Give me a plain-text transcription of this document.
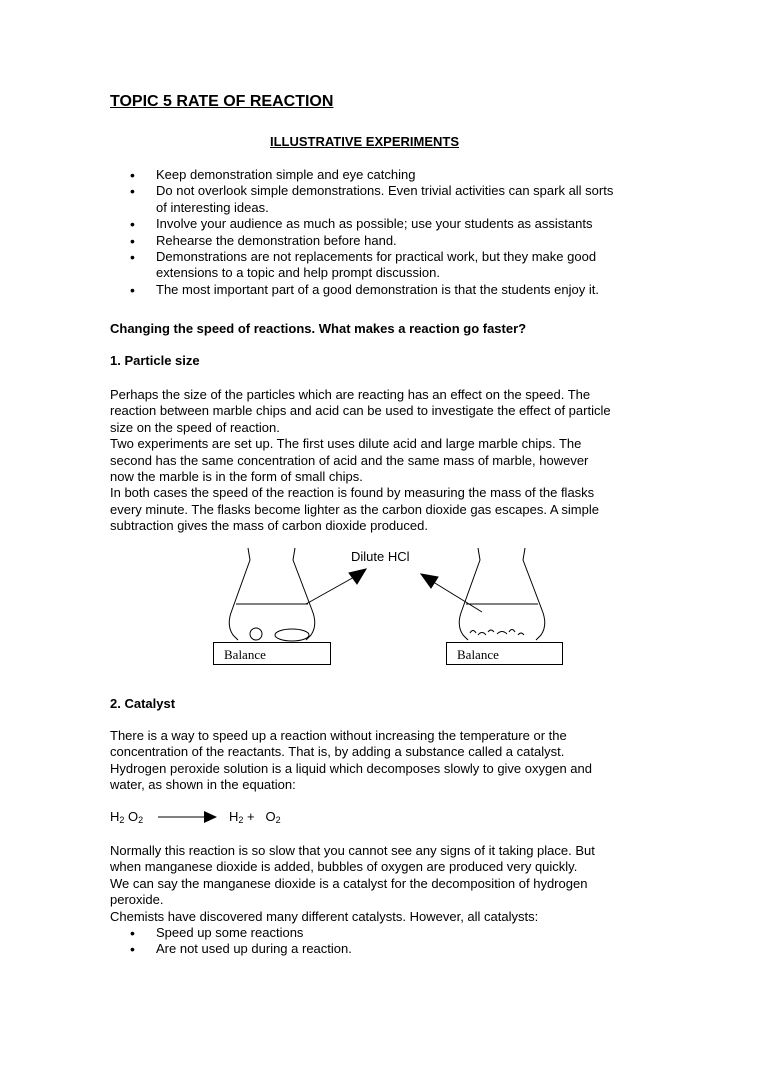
TOPIC 5 RATE OF REACTION
ILLUSTRATIVE EXPERIMENTS
• Keep demonstration simple and eye catching
• Do not overlook simple demonstrations. Even trivial activities can spark all sorts
of interesting ideas.
• Involve your audience as much as possible; use your students as assistants
• Rehearse the demonstration before hand.
• Demonstrations are not replacements for practical work, but they make good
extensions to a topic and help prompt discussion.
• The most important part of a good demonstration is that the students enjoy it.
Changing the speed of reactions. What makes a reaction go faster?
1. Particle size
Perhaps the size of the particles which are reacting has an effect on the speed. The
reaction between marble chips and acid can be used to investigate the effect of particle
size on the speed of reaction.
Two experiments are set up. The first uses dilute acid and large marble chips. The
second has the same concentration of acid and the same mass of marble, however
now the marble is in the form of small chips.
In both cases the speed of the reaction is found by measuring the mass of the flasks
every minute. The flasks become lighter as the carbon dioxide gas escapes. A simple
subtraction gives the mass of carbon dioxide produced.
Dilute HCl
Balance	Balance
2. Catalyst
There is a way to speed up a reaction without increasing the temperature or the
concentration of the reactants. That is, by adding a substance called a catalyst.
Hydrogen peroxide solution is a liquid which decomposes slowly to give oxygen and
water, as shown in the equation:
$H_2$ $O_2 \to H_2 + O_2$
Normally this reaction is so slow that you cannot see any signs of it taking place. But
when manganese dioxide is added, bubbles of oxygen are produced very quickly.
We can say the manganese dioxide is a catalyst for the decomposition of hydrogen
peroxide.
Chemists have discovered many different catalysts. However, all catalysts:
• Speed up some reactions
• Are not used up during a reaction.
